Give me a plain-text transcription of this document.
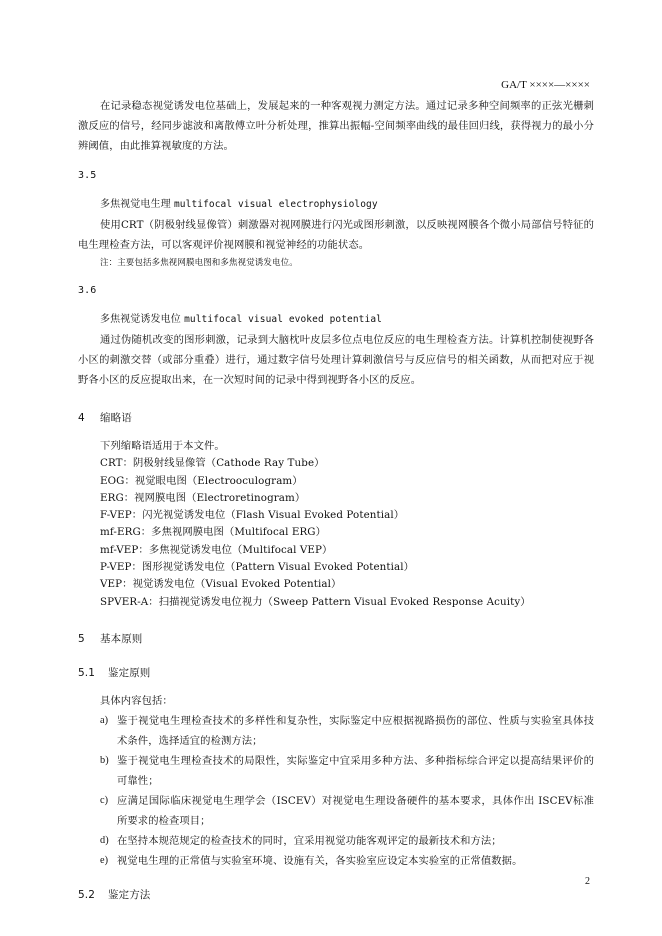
GA/T ××××—××××

在记录稳态视觉诱发电位基础上，发展起来的一种客观视力测定方法。通过记录多种空间频率的正弦光栅刺激反应的信号，经同步滤波和离散傅立叶分析处理，推算出振幅-空间频率曲线的最佳回归线，获得视力的最小分辨阈值，由此推算视敏度的方法。

3.5
多焦视觉电生理 multifocal visual electrophysiology

使用CRT（阴极射线显像管）刺激器对视网膜进行闪光或图形刺激，以反映视网膜各个微小局部信号特征的电生理检查方法，可以客观评价视网膜和视觉神经的功能状态。

注：主要包括多焦视网膜电图和多焦视觉诱发电位。
3.6
多焦视觉诱发电位 multifocal visual evoked potential

通过伪随机改变的图形刺激，记录到大脑枕叶皮层多位点电位反应的电生理检查方法。计算机控制使视野各小区的刺激交替（或部分重叠）进行，通过数字信号处理计算刺激信号与反应信号的相关函数，从而把对应于视野各小区的反应提取出来，在一次短时间的记录中得到视野各小区的反应。

4 缩略语
下列缩略语适用于本文件。
CRT：阴极射线显像管（Cathode Ray Tube）
EOG：视觉眼电图（Electrooculogram）
ERG：视网膜电图（Electroretinogram）
F-VEP：闪光视觉诱发电位（Flash Visual Evoked Potential）
mf-ERG：多焦视网膜电图（Multifocal ERG）
mf-VEP：多焦视觉诱发电位（Multifocal VEP）
P-VEP：图形视觉诱发电位（Pattern Visual Evoked Potential）
VEP：视觉诱发电位（Visual Evoked Potential）
SPVER-A：扫描视觉诱发电位视力（Sweep Pattern Visual Evoked Response Acuity）
5 基本原则
5.1 鉴定原则
具体内容包括：
a) 鉴于视觉电生理检查技术的多样性和复杂性，实际鉴定中应根据视路损伤的部位、性质与实验室具体技术条件，选择适宜的检测方法；
b) 鉴于视觉电生理检查技术的局限性，实际鉴定中宜采用多种方法、多种指标综合评定以提高结果评价的可靠性；
c) 应满足国际临床视觉电生理学会（ISCEV）对视觉电生理设备硬件的基本要求，具体作出 ISCEV标准所要求的检查项目；
d) 在坚持本规范规定的检查技术的同时，宜采用视觉功能客观评定的最新技术和方法；
e) 视觉电生理的正常值与实验室环境、设施有关，各实验室应设定本实验室的正常值数据。
5.2 鉴定方法
2
